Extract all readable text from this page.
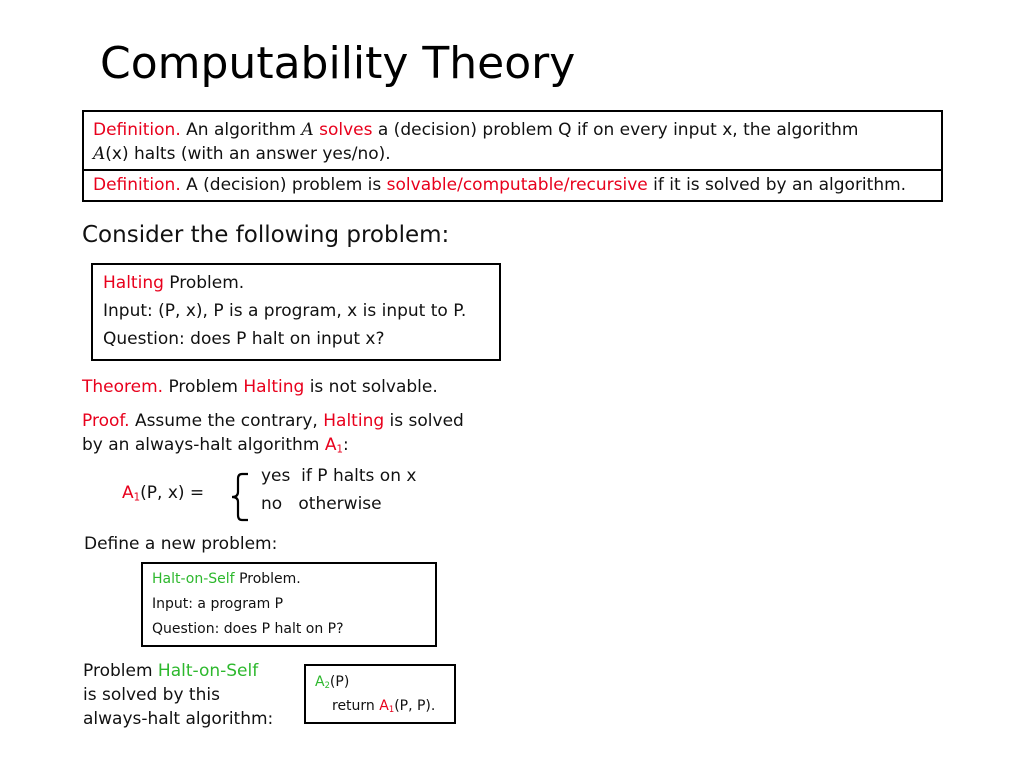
Computability Theory
Definition. An algorithm A solves a (decision) problem Q if on every input x, the algorithm
A(x) halts (with an answer yes/no).
Definition. A (decision) problem is solvable/computable/recursive if it is solved by an algorithm.
Consider the following problem:
Halting Problem.
Input: (P, x), P is a program, x is input to P.
Question: does P halt on input x?
Theorem. Problem Halting is not solvable.
Proof. Assume the contrary, Halting is solved
by an always-halt algorithm $A_1$:
$A_1(P$, x) =
yes  if P halts on x
no   otherwise
Define a new problem:
Halt-on-Self Problem.
Input: a program P
Question: does P halt on P?
Problem Halt-on-Self
is solved by this
always-halt algorithm:
$A_2(P)$
return $A_1(P$, P).
